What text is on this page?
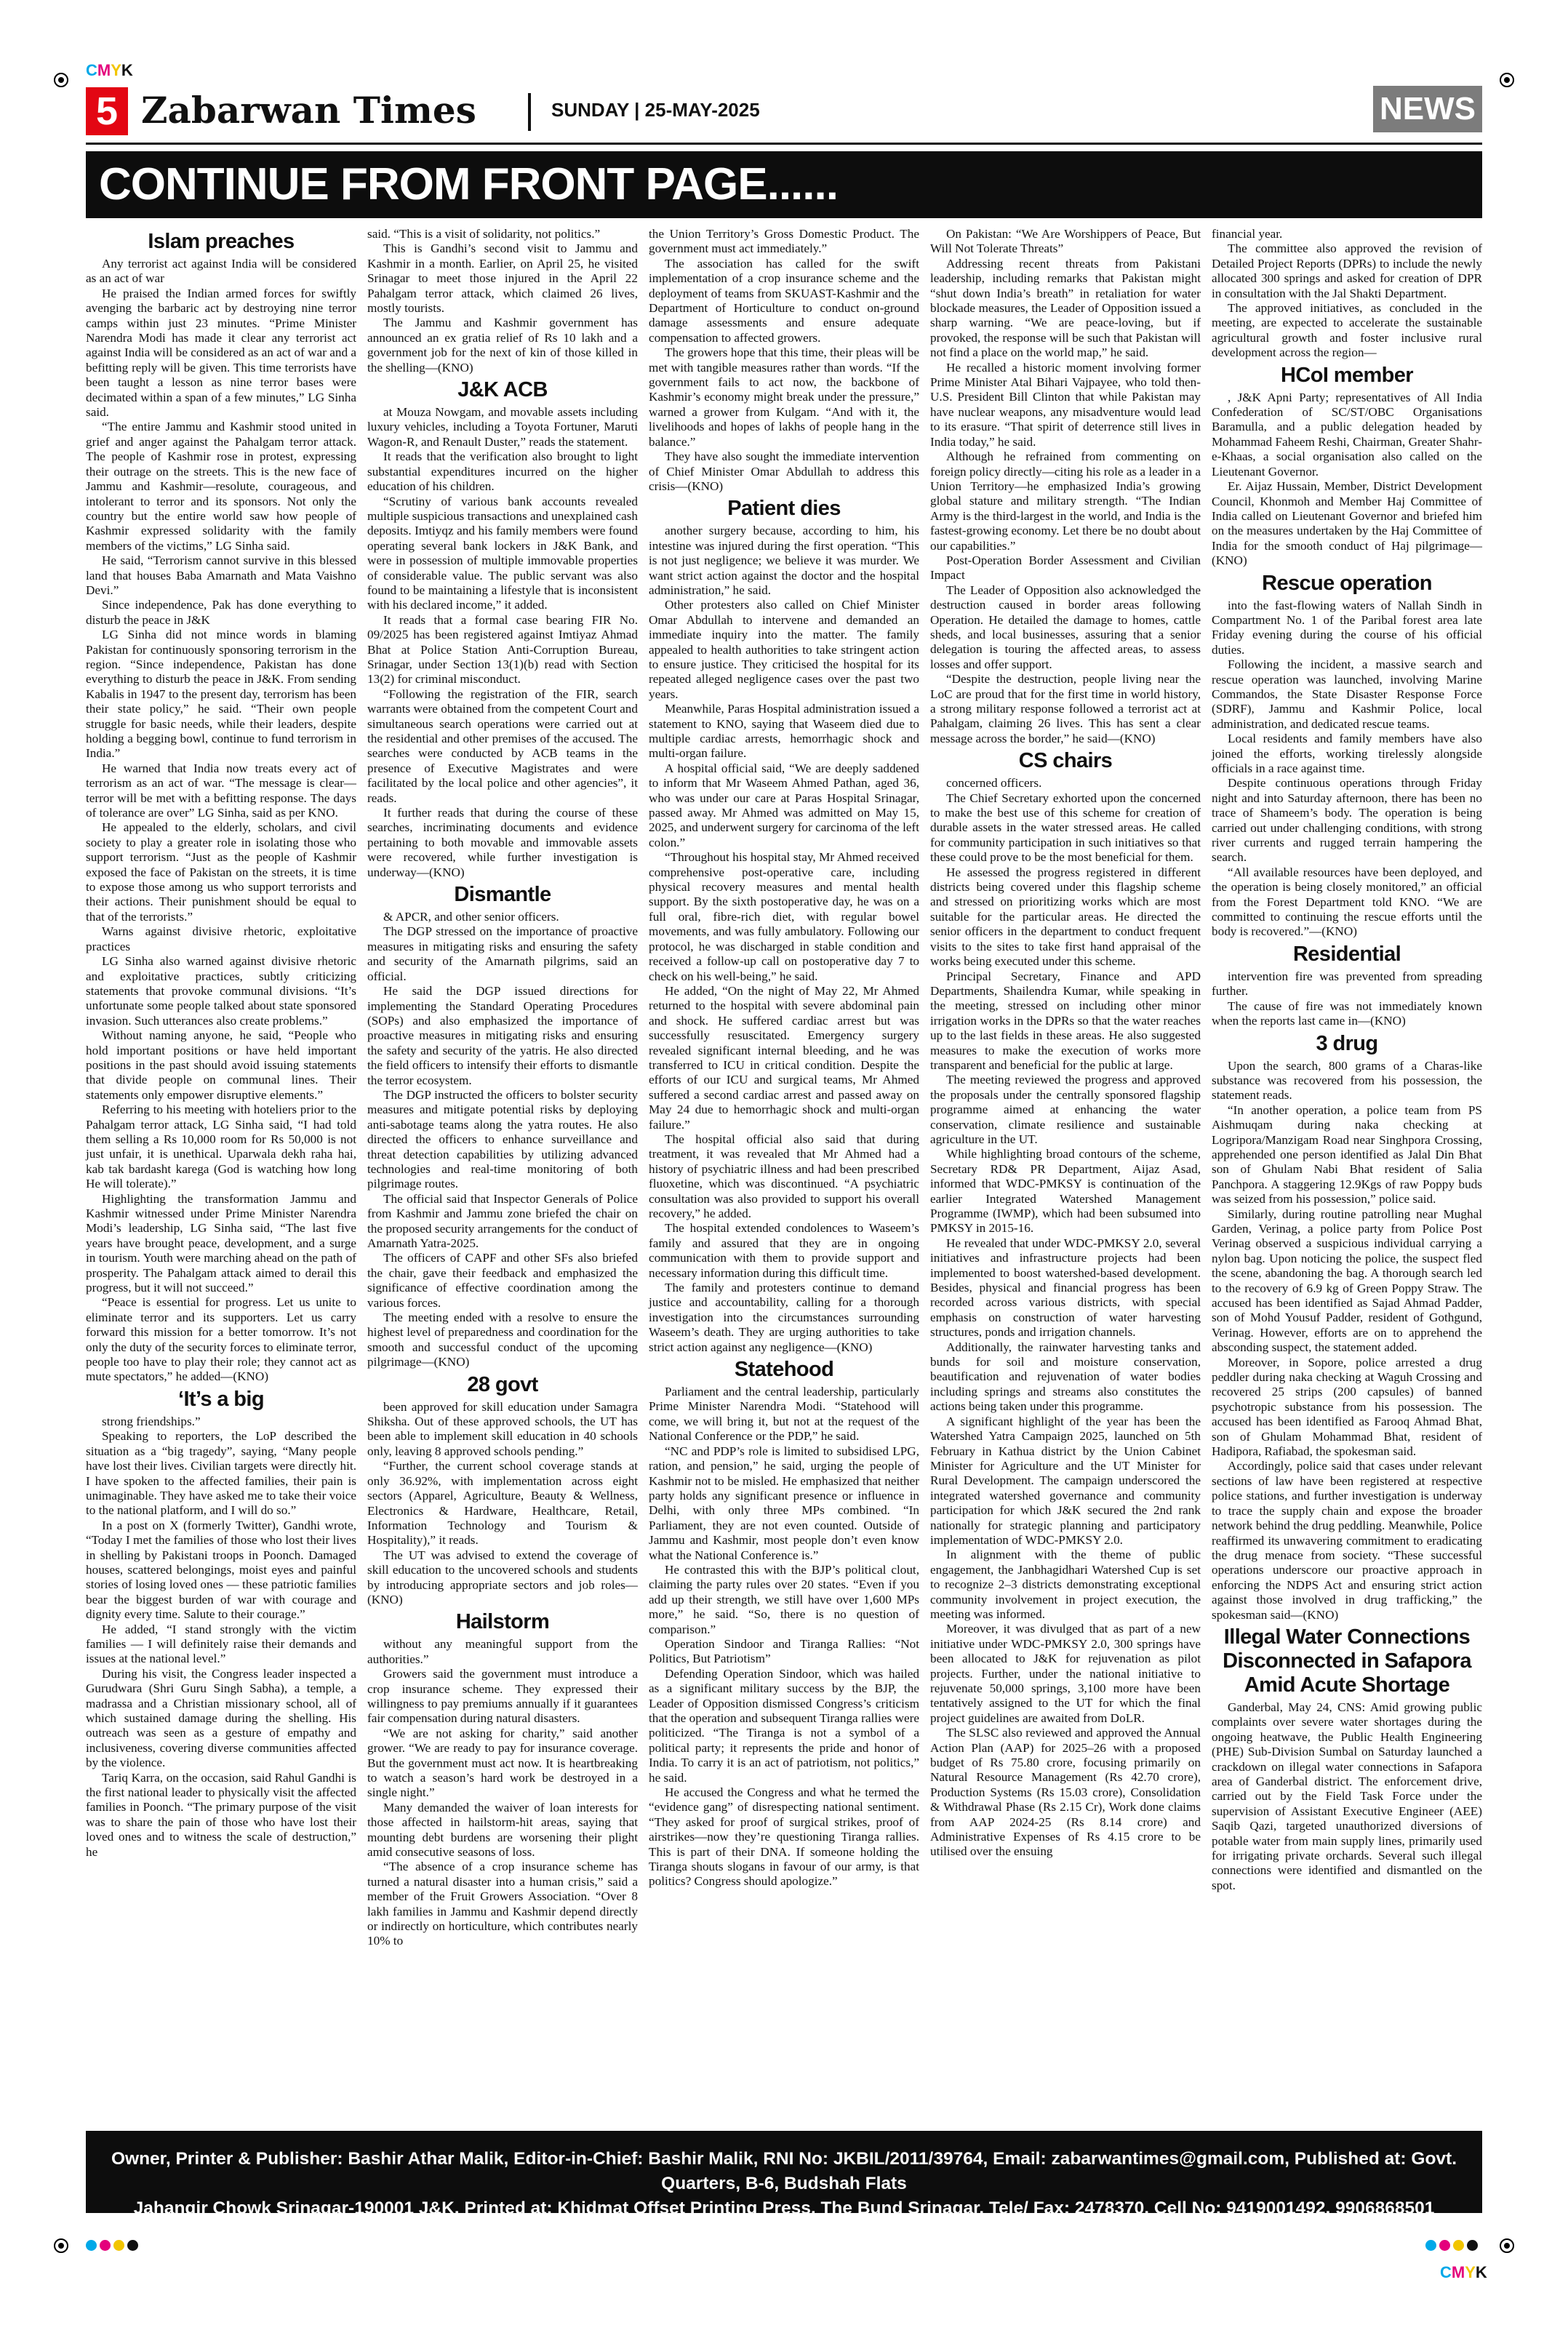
CMYK
CMYK
5 Zabarwan Times	SUNDAY | 25-MAY-2025	NEWS
CONTINUE FROM FRONT PAGE......
Islam preaches

Any terrorist act against India will be considered as an act of war

He praised the Indian armed forces for swiftly avenging the barbaric act by destroying nine terror camps within just 23 minutes. “Prime Minister Narendra Modi has made it clear any terrorist act against India will be considered as an act of war and a befitting reply will be given. This time terrorists have been taught a lesson as nine terror bases were decimated within a span of a few minutes,” LG Sinha said.

“The entire Jammu and Kashmir stood united in grief and anger against the Pahalgam terror attack. The people of Kashmir rose in protest, expressing their outrage on the streets. This is the new face of Jammu and Kashmir—resolute, courageous, and intolerant to terror and its sponsors. Not only the country but the entire world saw how people of Kashmir expressed solidarity with the family members of the victims,” LG Sinha said.

He said, “Terrorism cannot survive in this blessed land that houses Baba Amarnath and Mata Vaishno Devi.”

Since independence, Pak has done everything to disturb the peace in J&K

LG Sinha did not mince words in blaming Pakistan for continuously sponsoring terrorism in the region. “Since independence, Pakistan has done everything to disturb the peace in J&K. From sending Kabalis in 1947 to the present day, terrorism has been their state policy,” he said. “Their own people struggle for basic needs, while their leaders, despite holding a begging bowl, continue to fund terrorism in India.”

He warned that India now treats every act of terrorism as an act of war. “The message is clear—terror will be met with a befitting response. The days of tolerance are over” LG Sinha, said as per KNO.

He appealed to the elderly, scholars, and civil society to play a greater role in isolating those who support terrorism. “Just as the people of Kashmir exposed the face of Pakistan on the streets, it is time to expose those among us who support terrorists and their actions. Their punishment should be equal to that of the terrorists.”

Warns against divisive rhetoric, exploitative practices

LG Sinha also warned against divisive rhetoric and exploitative practices, subtly criticizing statements that provoke communal divisions. “It’s unfortunate some people talked about state sponsored invasion. Such utterances also create problems.”

Without naming anyone, he said, “People who hold important positions or have held important positions in the past should avoid issuing statements that divide people on communal lines. Their statements only empower disruptive elements.”

Referring to his meeting with hoteliers prior to the Pahalgam terror attack, LG Sinha said, “I had told them selling a Rs 10,000 room for Rs 50,000 is not just unfair, it is unethical. Uparwala dekh raha hai, kab tak bardasht karega (God is watching how long He will tolerate).”

Highlighting the transformation Jammu and Kashmir witnessed under Prime Minister Narendra Modi’s leadership, LG Sinha said, “The last five years have brought peace, development, and a surge in tourism. Youth were marching ahead on the path of prosperity. The Pahalgam attack aimed to derail this progress, but it will not succeed.”

“Peace is essential for progress. Let us unite to eliminate terror and its supporters. Let us carry forward this mission for a better tomorrow. It’s not only the duty of the security forces to eliminate terror, people too have to play their role; they cannot act as mute spectators,” he added—(KNO)

‘It’s a big

strong friendships.”

Speaking to reporters, the LoP described the situation as a “big tragedy”, saying, “Many people have lost their lives. Civilian targets were directly hit. I have spoken to the affected families, their pain is unimaginable. They have asked me to take their voice to the national platform, and I will do so.”

In a post on X (formerly Twitter), Gandhi wrote, “Today I met the families of those who lost their lives in shelling by Pakistani troops in Poonch. Damaged houses, scattered belongings, moist eyes and painful stories of losing loved ones — these patriotic families bear the biggest burden of war with courage and dignity every time. Salute to their courage.”

He added, “I stand strongly with the victim families — I will definitely raise their demands and issues at the national level.”

During his visit, the Congress leader inspected a Gurudwara (Shri Guru Singh Sabha), a temple, a madrassa and a Christian missionary school, all of which sustained damage during the shelling. His outreach was seen as a gesture of empathy and inclusiveness, covering diverse communities affected by the violence.

Tariq Karra, on the occasion, said Rahul Gandhi is the first national leader to physically visit the affected families in Poonch. “The primary purpose of the visit was to share the pain of those who have lost their loved ones and to witness the scale of destruction,” he

said. “This is a visit of solidarity, not politics.”

This is Gandhi’s second visit to Jammu and Kashmir in a month. Earlier, on April 25, he visited Srinagar to meet those injured in the April 22 Pahalgam terror attack, which claimed 26 lives, mostly tourists.

The Jammu and Kashmir government has announced an ex gratia relief of Rs 10 lakh and a government job for the next of kin of those killed in the shelling—(KNO)

J&K ACB

at Mouza Nowgam, and movable assets including luxury vehicles, including a Toyota Fortuner, Maruti Wagon-R, and Renault Duster,” reads the statement.

It reads that the verification also brought to light substantial expenditures incurred on the higher education of his children.

“Scrutiny of various bank accounts revealed multiple suspicious transactions and unexplained cash deposits. Imtiyqz and his family members were found operating several bank lockers in J&K Bank, and were in possession of multiple immovable properties of considerable value. The public servant was also found to be maintaining a lifestyle that is inconsistent with his declared income,” it added.

It reads that a formal case bearing FIR No. 09/2025 has been registered against Imtiyaz Ahmad Bhat at Police Station Anti-Corruption Bureau, Srinagar, under Section 13(1)(b) read with Section 13(2) for criminal misconduct.

“Following the registration of the FIR, search warrants were obtained from the competent Court and simultaneous search operations were carried out at the residential and other premises of the accused. The searches were conducted by ACB teams in the presence of Executive Magistrates and were facilitated by the local police and other agencies”, it reads.

It further reads that during the course of these searches, incriminating documents and evidence pertaining to both movable and immovable assets were recovered, while further investigation is underway—(KNO)

Dismantle

& APCR, and other senior officers.

The DGP stressed on the importance of proactive measures in mitigating risks and ensuring the safety and security of the Amarnath pilgrims, said an official.

He said the DGP issued directions for implementing the Standard Operating Procedures (SOPs) and also emphasized the importance of proactive measures in mitigating risks and ensuring the safety and security of the yatris. He also directed the field officers to intensify their efforts to dismantle the terror ecosystem.

The DGP instructed the officers to bolster security measures and mitigate potential risks by deploying anti-sabotage teams along the yatra routes. He also directed the officers to enhance surveillance and threat detection capabilities by utilizing advanced technologies and real-time monitoring of both pilgrimage routes.

The official said that Inspector Generals of Police from Kashmir and Jammu zone briefed the chair on the proposed security arrangements for the conduct of Amarnath Yatra-2025.

The officers of CAPF and other SFs also briefed the chair, gave their feedback and emphasized the significance of effective coordination among the various forces.

The meeting ended with a resolve to ensure the highest level of preparedness and coordination for the smooth and successful conduct of the upcoming pilgrimage—(KNO)

28 govt

been approved for skill education under Samagra Shiksha. Out of these approved schools, the UT has been able to implement skill education in 40 schools only, leaving 8 approved schools pending.”

“Further, the current school coverage stands at only 36.92%, with implementation across eight sectors (Apparel, Agriculture, Beauty & Wellness, Electronics & Hardware, Healthcare, Retail, Information Technology and Tourism & Hospitality),” it reads.

The UT was advised to extend the coverage of skill education to the uncovered schools and students by introducing appropriate sectors and job roles—(KNO)

Hailstorm

without any meaningful support from the authorities.”

Growers said the government must introduce a crop insurance scheme. They expressed their willingness to pay premiums annually if it guarantees fair compensation during natural disasters.

“We are not asking for charity,” said another grower. “We are ready to pay for insurance coverage. But the government must act now. It is heartbreaking to watch a season’s hard work be destroyed in a single night.”

Many demanded the waiver of loan interests for those affected in hailstorm-hit areas, saying that mounting debt burdens are worsening their plight amid consecutive seasons of loss.

“The absence of a crop insurance scheme has turned a natural disaster into a human crisis,” said a member of the Fruit Growers Association. “Over 8 lakh families in Jammu and Kashmir depend directly or indirectly on horticulture, which contributes nearly 10% to

the Union Territory’s Gross Domestic Product. The government must act immediately.”

The association has called for the swift implementation of a crop insurance scheme and the deployment of teams from SKUAST-Kashmir and the Department of Horticulture to conduct on-ground damage assessments and ensure adequate compensation to affected growers.

The growers hope that this time, their pleas will be met with tangible measures rather than words. “If the government fails to act now, the backbone of Kashmir’s economy might break under the pressure,” warned a grower from Kulgam. “And with it, the livelihoods and hopes of lakhs of people hang in the balance.”

They have also sought the immediate intervention of Chief Minister Omar Abdullah to address this crisis—(KNO)

Patient dies

another surgery because, according to him, his intestine was injured during the first operation. “This is not just negligence; we believe it was murder. We want strict action against the doctor and the hospital administration,” he said.

Other protesters also called on Chief Minister Omar Abdullah to intervene and demanded an immediate inquiry into the matter. The family appealed to health authorities to take stringent action to ensure justice. They criticised the hospital for its repeated alleged negligence cases over the past two years.

Meanwhile, Paras Hospital administration issued a statement to KNO, saying that Waseem died due to multiple cardiac arrests, hemorrhagic shock and multi-organ failure.

A hospital official said, “We are deeply saddened to inform that Mr Waseem Ahmed Pathan, aged 36, who was under our care at Paras Hospital Srinagar, passed away. Mr Ahmed was admitted on May 15, 2025, and underwent surgery for carcinoma of the left colon.”

“Throughout his hospital stay, Mr Ahmed received comprehensive post-operative care, including physical recovery measures and mental health support. By the sixth postoperative day, he was on a full oral, fibre-rich diet, with regular bowel movements, and was fully ambulatory. Following our protocol, he was discharged in stable condition and received a follow-up call on postoperative day 7 to check on his well-being,” he said.

He added, “On the night of May 22, Mr Ahmed returned to the hospital with severe abdominal pain and shock. He suffered cardiac arrest but was successfully resuscitated. Emergency surgery revealed significant internal bleeding, and he was transferred to ICU in critical condition. Despite the efforts of our ICU and surgical teams, Mr Ahmed suffered a second cardiac arrest and passed away on May 24 due to hemorrhagic shock and multi-organ failure.”

The hospital official also said that during treatment, it was revealed that Mr Ahmed had a history of psychiatric illness and had been prescribed fluoxetine, which was discontinued. “A psychiatric consultation was also provided to support his overall recovery,” he added.

The hospital extended condolences to Waseem’s family and assured that they are in ongoing communication with them to provide support and necessary information during this difficult time.

The family and protesters continue to demand justice and accountability, calling for a thorough investigation into the circumstances surrounding Waseem’s death. They are urging authorities to take strict action against any negligence—(KNO)

Statehood

Parliament and the central leadership, particularly Prime Minister Narendra Modi. “Statehood will come, we will bring it, but not at the request of the National Conference or the PDP,” he said.

“NC and PDP’s role is limited to subsidised LPG, ration, and pension,” he said, urging the people of Kashmir not to be misled. He emphasized that neither party holds any significant presence or influence in Delhi, with only three MPs combined. “In Parliament, they are not even counted. Outside of Jammu and Kashmir, most people don’t even know what the National Conference is.”

He contrasted this with the BJP’s political clout, claiming the party rules over 20 states. “Even if you add up their strength, we still have over 1,600 MPs more,” he said. “So, there is no question of comparison.”

Operation Sindoor and Tiranga Rallies: “Not Politics, But Patriotism”

Defending Operation Sindoor, which was hailed as a significant military success by the BJP, the Leader of Opposition dismissed Congress’s criticism that the operation and subsequent Tiranga rallies were politicized. “The Tiranga is not a symbol of a political party; it represents the pride and honor of India. To carry it is an act of patriotism, not politics,” he said.

He accused the Congress and what he termed the “evidence gang” of disrespecting national sentiment. “They asked for proof of surgical strikes, proof of airstrikes—now they’re questioning Tiranga rallies. This is part of their DNA. If someone holding the Tiranga shouts slogans in favour of our army, is that politics? Congress should apologize.”

On Pakistan: “We Are Worshippers of Peace, But Will Not Tolerate Threats”

Addressing recent threats from Pakistani leadership, including remarks that Pakistan might “shut down India’s breath” in retaliation for water blockade measures, the Leader of Opposition issued a sharp warning. “We are peace-loving, but if provoked, the response will be such that Pakistan will not find a place on the world map,” he said.

He recalled a historic moment involving former Prime Minister Atal Bihari Vajpayee, who told then-U.S. President Bill Clinton that while Pakistan may have nuclear weapons, any misadventure would lead to its erasure. “That spirit of deterrence still lives in India today,” he said.

Although he refrained from commenting on foreign policy directly—citing his role as a leader in a Union Territory—he emphasized India’s growing global stature and military strength. “The Indian Army is the third-largest in the world, and India is the fastest-growing economy. Let there be no doubt about our capabilities.”

Post-Operation Border Assessment and Civilian Impact

The Leader of Opposition also acknowledged the destruction caused in border areas following Operation. He detailed the damage to homes, cattle sheds, and local businesses, assuring that a senior delegation is touring the affected areas, to assess losses and offer support.

“Despite the destruction, people living near the LoC are proud that for the first time in world history, a strong military response followed a terrorist act at Pahalgam, claiming 26 lives. This has sent a clear message across the border,” he said—(KNO)

CS chairs

concerned officers.

The Chief Secretary exhorted upon the concerned to make the best use of this scheme for creation of durable assets in the water stressed areas. He called for community participation in such initiatives so that these could prove to be the most beneficial for them.

He assessed the progress registered in different districts being covered under this flagship scheme and stressed on prioritizing works which are most suitable for the particular areas. He directed the senior officers in the department to conduct frequent visits to the sites to take first hand appraisal of the works being executed under this scheme.

Principal Secretary, Finance and APD Departments, Shailendra Kumar, while speaking in the meeting, stressed on including other minor irrigation works in the DPRs so that the water reaches up to the last fields in these areas. He also suggested measures to make the execution of works more transparent and beneficial for the public at large.

The meeting reviewed the progress and approved the proposals under the centrally sponsored flagship programme aimed at enhancing the water conservation, climate resilience and sustainable agriculture in the UT.

While highlighting broad contours of the scheme, Secretary RD& PR Department, Aijaz Asad, informed that WDC-PMKSY is continuation of the earlier Integrated Watershed Management Programme (IWMP), which had been subsumed into PMKSY in 2015-16.

He revealed that under WDC-PMKSY 2.0, several initiatives and infrastructure projects had been implemented to boost watershed-based development. Besides, physical and financial progress has been recorded across various districts, with special emphasis on construction of water harvesting structures, ponds and irrigation channels.

Additionally, the rainwater harvesting tanks and bunds for soil and moisture conservation, beautification and rejuvenation of water bodies including springs and streams also constitutes the actions being taken under this programme.

A significant highlight of the year has been the Watershed Yatra Campaign 2025, launched on 5th February in Kathua district by the Union Cabinet Minister for Agriculture and the UT Minister for Rural Development. The campaign underscored the integrated watershed governance and community participation for which J&K secured the 2nd rank nationally for strategic planning and participatory implementation of WDC-PMKSY 2.0.

In alignment with the theme of public engagement, the Janbhagidhari Watershed Cup is set to recognize 2–3 districts demonstrating exceptional community involvement in project execution, the meeting was informed.

Moreover, it was divulged that as part of a new initiative under WDC-PMKSY 2.0, 300 springs have been allocated to J&K for rejuvenation as pilot projects. Further, under the national initiative to rejuvenate 50,000 springs, 3,100 more have been tentatively assigned to the UT for which the final project guidelines are awaited from DoLR.

The SLSC also reviewed and approved the Annual Action Plan (AAP) for 2025–26 with a proposed budget of Rs 75.80 crore, focusing primarily on Natural Resource Management (Rs 42.70 crore), Production Systems (Rs 15.03 crore), Consolidation & Withdrawal Phase (Rs 2.15 Cr), Work done claims from AAP 2024-25 (Rs 8.14 crore) and Administrative Expenses of Rs 4.15 crore to be utilised over the ensuing

financial year.

The committee also approved the revision of Detailed Project Reports (DPRs) to include the newly allocated 300 springs and asked for creation of DPR in consultation with the Jal Shakti Department.

The approved initiatives, as concluded in the meeting, are expected to accelerate the sustainable agricultural growth and foster inclusive rural development across the region—

HCoI member

, J&K Apni Party; representatives of All India Confederation of SC/ST/OBC Organisations Baramulla, and a public delegation headed by Mohammad Faheem Reshi, Chairman, Greater Shahr-e-Khaas, a social organisation also called on the Lieutenant Governor.

Er. Aijaz Hussain, Member, District Development Council, Khonmoh and Member Haj Committee of India called on Lieutenant Governor and briefed him on the measures undertaken by the Haj Committee of India for the smooth conduct of Haj pilgrimage—(KNO)

Rescue operation

into the fast-flowing waters of Nallah Sindh in Compartment No. 1 of the Paribal forest area late Friday evening during the course of his official duties.

Following the incident, a massive search and rescue operation was launched, involving Marine Commandos, the State Disaster Response Force (SDRF), Jammu and Kashmir Police, local administration, and dedicated rescue teams.

Local residents and family members have also joined the efforts, working tirelessly alongside officials in a race against time.

Despite continuous operations through Friday night and into Saturday afternoon, there has been no trace of Shameem’s body. The operation is being carried out under challenging conditions, with strong river currents and rugged terrain hampering the search.

“All available resources have been deployed, and the operation is being closely monitored,” an official from the Forest Department told KNO. “We are committed to continuing the rescue efforts until the body is recovered.”—(KNO)

Residential

intervention fire was prevented from spreading further.

The cause of fire was not immediately known when the reports last came in—(KNO)

3 drug

Upon the search, 800 grams of a Charas-like substance was recovered from his possession, the statement reads.

“In another operation, a police team from PS Aishmuqam during naka checking at Logripora/Manzigam Road near Singhpora Crossing, apprehended one person identified as Jalal Din Bhat son of Ghulam Nabi Bhat resident of Salia Panchpora. A staggering 12.9Kgs of raw Poppy buds was seized from his possession,” police said.

Similarly, during routine patrolling near Mughal Garden, Verinag, a police party from Police Post Verinag observed a suspicious individual carrying a nylon bag. Upon noticing the police, the suspect fled the scene, abandoning the bag. A thorough search led to the recovery of 6.9 kg of Green Poppy Straw. The accused has been identified as Sajad Ahmad Padder, son of Mohd Yousuf Padder, resident of Gothgund, Verinag. However, efforts are on to apprehend the absconding suspect, the statement added.

Moreover, in Sopore, police arrested a drug peddler during naka checking at Waguh Crossing and recovered 25 strips (200 capsules) of banned psychotropic substance from his possession. The accused has been identified as Farooq Ahmad Bhat, son of Ghulam Mohammad Bhat, resident of Hadipora, Rafiabad, the spokesman said.

Accordingly, police said that cases under relevant sections of law have been registered at respective police stations, and further investigation is underway to trace the supply chain and expose the broader network behind the drug peddling. Meanwhile, Police reaffirmed its unwavering commitment to eradicating the drug menace from society. “These successful operations underscore our proactive approach in enforcing the NDPS Act and ensuring strict action against those involved in drug trafficking,” the spokesman said—(KNO)

Illegal Water Connections Disconnected in Safapora Amid Acute Shortage

Ganderbal, May 24, CNS: Amid growing public complaints over severe water shortages during the ongoing heatwave, the Public Health Engineering (PHE) Sub-Division Sumbal on Saturday launched a crackdown on illegal water connections in Safapora area of Ganderbal district. The enforcement drive, carried out by the Field Task Force under the supervision of Assistant Executive Engineer (AEE) Saqib Qazi, targeted unauthorized diversions of potable water from main supply lines, primarily used for irrigating private orchards. Several such illegal connections were identified and dismantled on the spot.

Owner, Printer & Publisher: Bashir Athar Malik, Editor-in-Chief: Bashir Malik, RNI No: JKBIL/2011/39764, Email: zabarwantimes@gmail.com, Published at: Govt. Quarters, B-6, Budshah Flats
Jahangir Chowk Srinagar-190001 J&K, Printed at: Khidmat Offset Printing Press, The Bund Srinagar, Tele/ Fax: 2478370, Cell No: 9419001492, 9906868501
